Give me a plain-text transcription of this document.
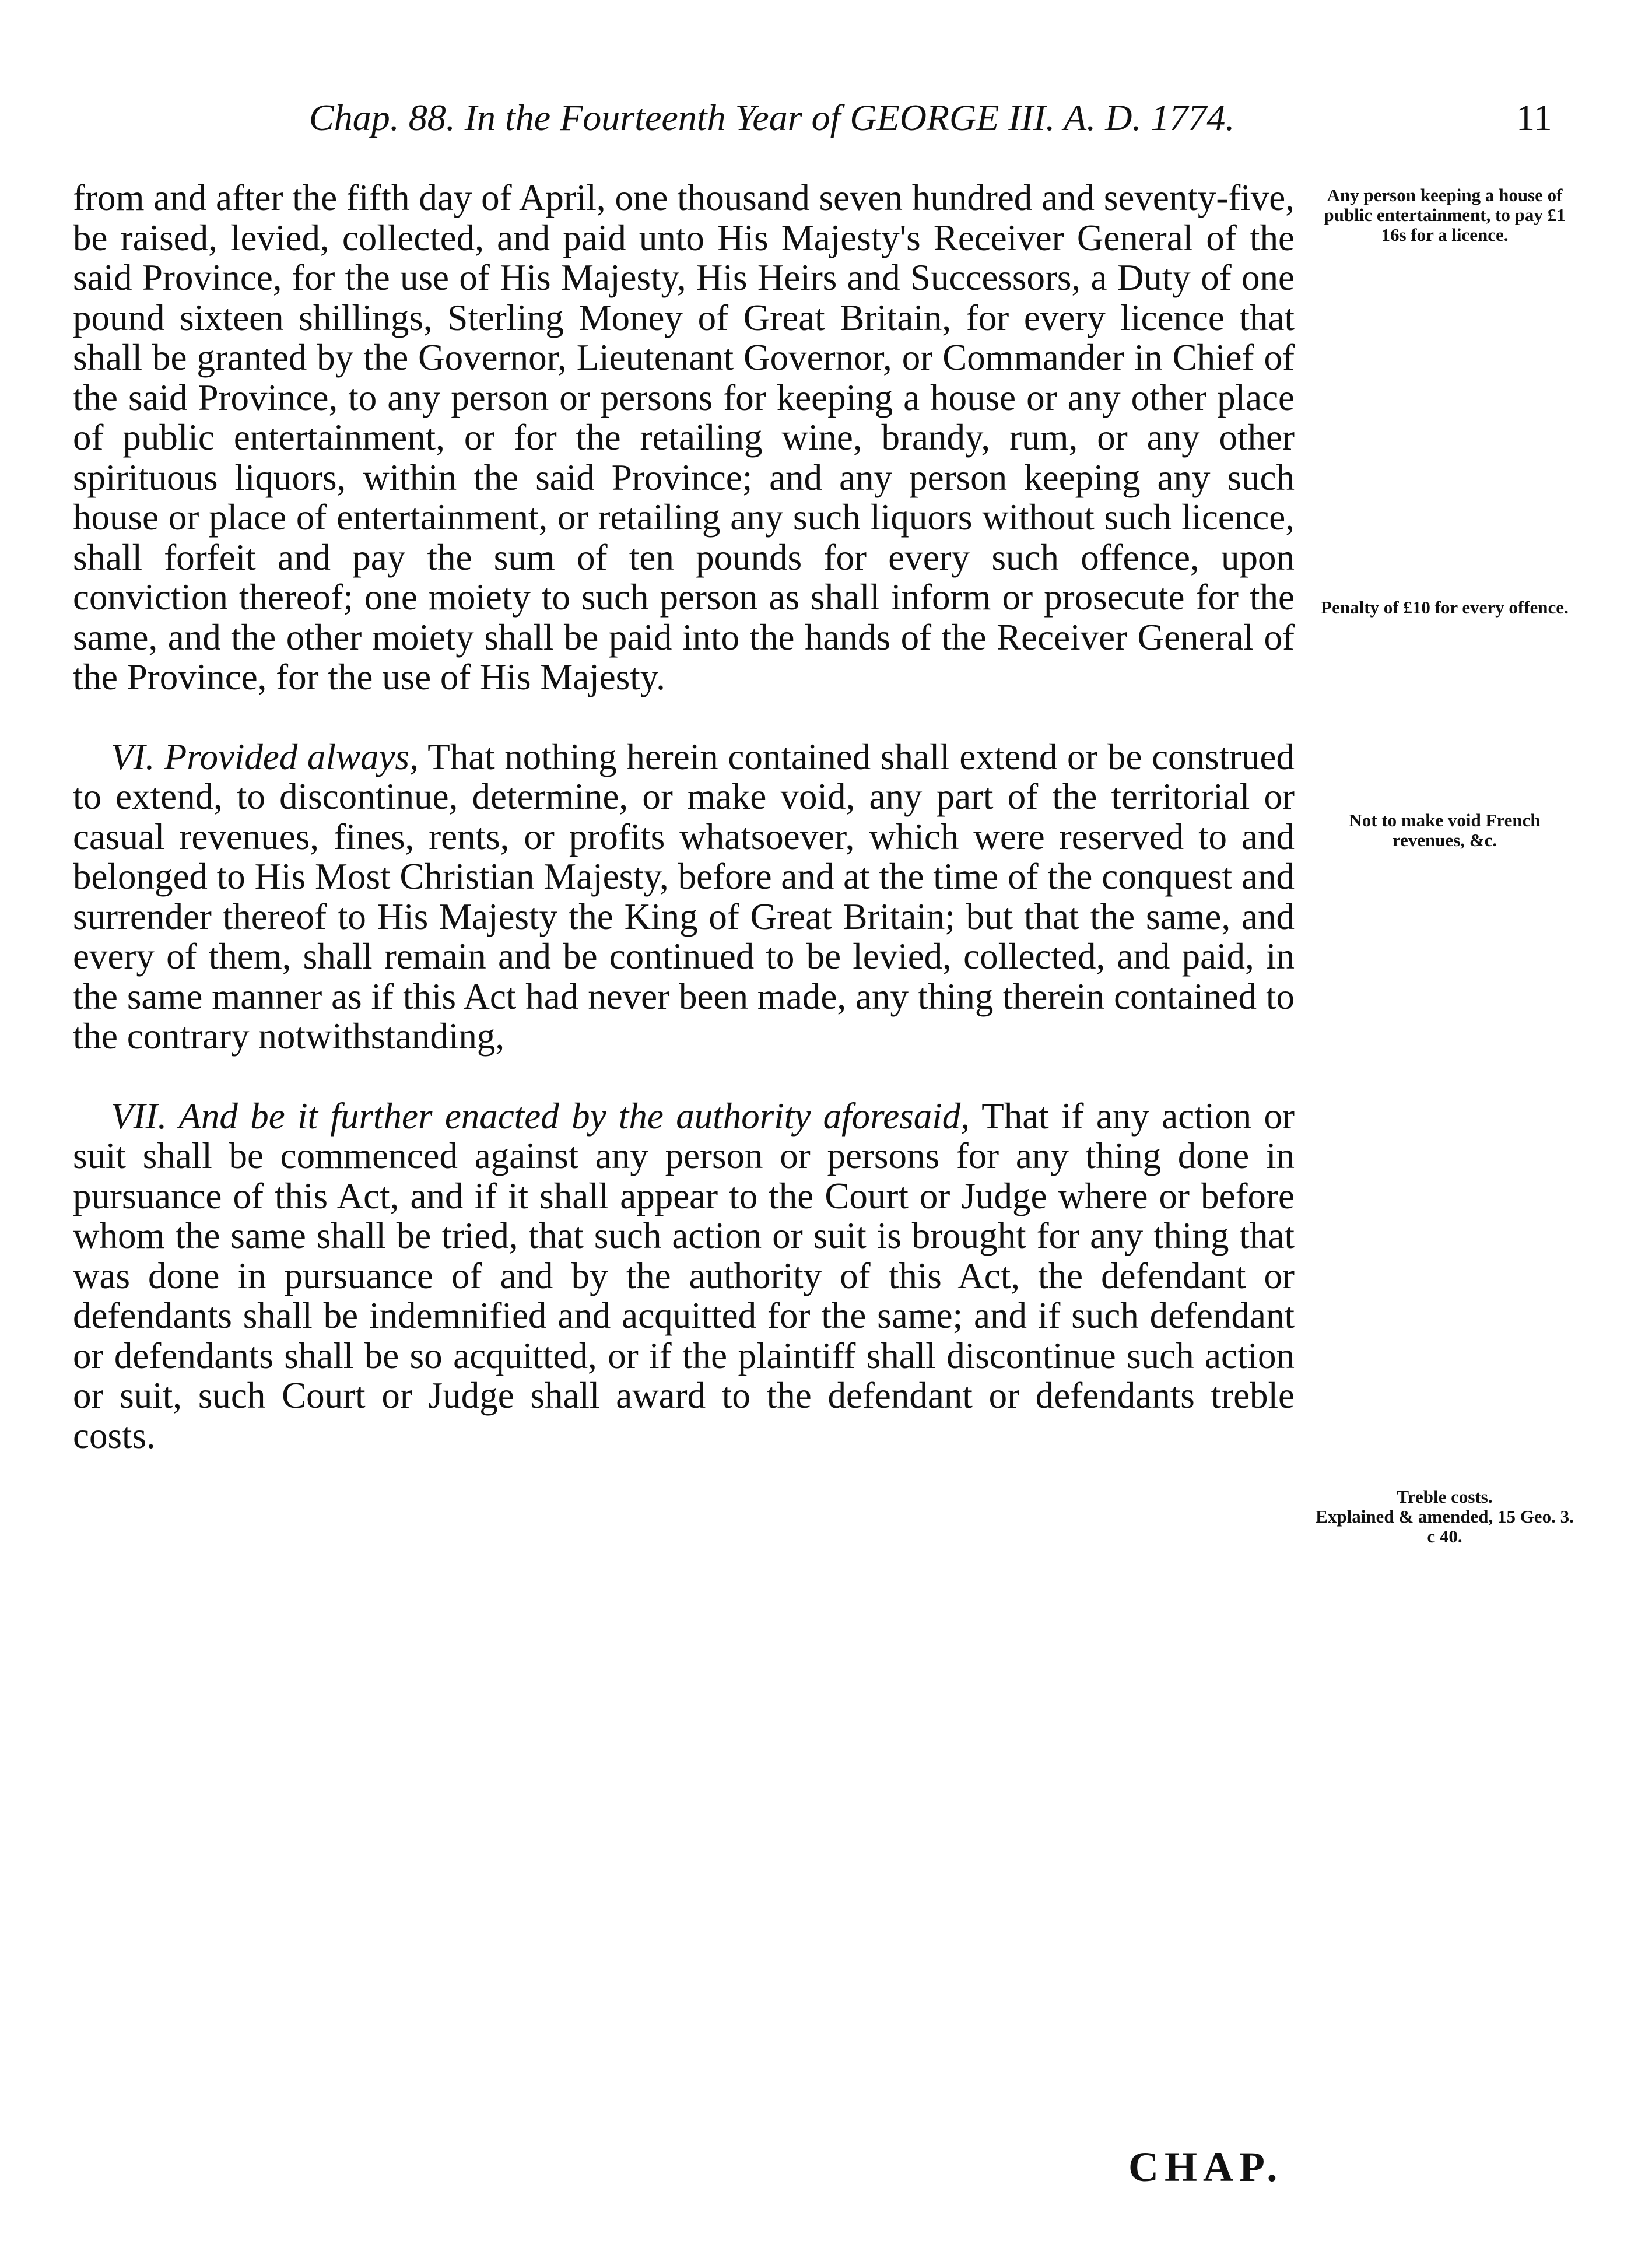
Chap. 88. In the Fourteenth Year of GEORGE III. A. D. 1774.	11

from and after the fifth day of April, one thousand seven hundred and seventy-five, be raised, levied, collected, and paid unto His Majesty's Receiver General of the said Province, for the use of His Majesty, His Heirs and Successors, a Duty of one pound sixteen shillings, Sterling Money of Great Britain, for every licence that shall be granted by the Governor, Lieutenant Governor, or Commander in Chief of the said Province, to any person or persons for keeping a house or any other place of public entertainment, or for the retailing wine, brandy, rum, or any other spirituous liquors, within the said Province; and any person keeping any such house or place of entertainment, or retailing any such liquors without such licence, shall forfeit and pay the sum of ten pounds for every such offence, upon conviction thereof; one moiety to such person as shall inform or prosecute for the same, and the other moiety shall be paid into the hands of the Receiver General of the Province, for the use of His Majesty.

VI. Provided always, That nothing herein contained shall extend or be construed to extend, to discontinue, determine, or make void, any part of the territorial or casual revenues, fines, rents, or profits whatsoever, which were reserved to and belonged to His Most Christian Majesty, before and at the time of the conquest and surrender thereof to His Majesty the King of Great Britain; but that the same, and every of them, shall remain and be continued to be levied, collected, and paid, in the same manner as if this Act had never been made, any thing therein contained to the contrary notwithstanding,

VII. And be it further enacted by the authority aforesaid, That if any action or suit shall be commenced against any person or persons for any thing done in pursuance of this Act, and if it shall appear to the Court or Judge where or before whom the same shall be tried, that such action or suit is brought for any thing that was done in pursuance of and by the authority of this Act, the defendant or defendants shall be indemnified and acquitted for the same; and if such defendant or defendants shall be so acquitted, or if the plaintiff shall discontinue such action or suit, such Court or Judge shall award to the defendant or defendants treble costs.

Any person keeping a house of public entertainment, to pay £1 16s for a licence.
Penalty of £10 for every offence.
Not to make void French revenues, &c.
Treble costs.
Explained & amended, 15 Geo. 3. c 40.
CHAP.
